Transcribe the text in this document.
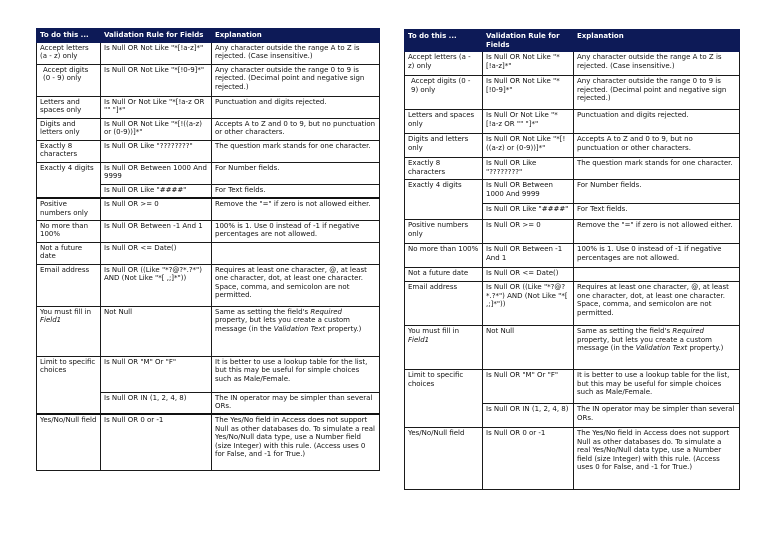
To do this ...	Validation Rule for Fields	Explanation
Accept letters (a - z) only	Is Null OR Not Like "*[!a-z]*"	Any character outside the range A to Z is rejected. (Case insensitive.)
Accept digits (0 - 9) only	Is Null OR Not Like "*[!0-9]*"	Any character outside the range 0 to 9 is rejected. (Decimal point and negative sign rejected.)
Letters and spaces only	Is Null Or Not Like "*[!a-z OR "" "]*"	Punctuation and digits rejected.
Digits and letters only	Is Null OR Not Like "*[!((a-z) or (0-9))]*"	Accepts A to Z and 0 to 9, but no punctuation or other characters.
Exactly 8 characters	Is Null OR Like "????????"	The question mark stands for one character.
Exactly 4 digits	Is Null OR Between 1000 And 9999	For Number fields.
	Is Null OR Like "####"	For Text fields.
Positive numbers only	Is Null OR >= 0	Remove the "=" if zero is not allowed either.
No more than 100%	Is Null OR Between -1 And 1	100% is 1. Use 0 instead of -1 if negative percentages are not allowed.
Not a future date	Is Null OR <= Date()	
Email address	Is Null OR ((Like "*?@?*.?*") AND (Not Like "*[ ,;]*"))	Requires at least one character, @, at least one character, dot, at least one character. Space, comma, and semicolon are not permitted.
You must fill in Field1	Not Null	Same as setting the field's Required property, but lets you create a custom message (in the Validation Text property.)
Limit to specific choices	Is Null OR "M" Or "F"	It is better to use a lookup table for the list, but this may be useful for simple choices such as Male/Female.
	Is Null OR IN (1, 2, 4, 8)	The IN operator may be simpler than several ORs.
Yes/No/Null field	Is Null OR 0 or -1	The Yes/No field in Access does not support Null as other databases do. To simulate a real Yes/No/Null data type, use a Number field (size Integer) with this rule. (Access uses 0 for False, and -1 for True.)
To do this ...	Validation Rule for Fields	Explanation
Accept letters (a - z) only	Is Null OR Not Like "*[!a-z]*"	Any character outside the range A to Z is rejected. (Case insensitive.)
Accept digits (0 - 9) only	Is Null OR Not Like "*[!0-9]*"	Any character outside the range 0 to 9 is rejected. (Decimal point and negative sign rejected.)
Letters and spaces only	Is Null Or Not Like "*[!a-z OR "" "]*"	Punctuation and digits rejected.
Digits and letters only	Is Null OR Not Like "*[!((a-z) or (0-9))]*"	Accepts A to Z and 0 to 9, but no punctuation or other characters.
Exactly 8 characters	Is Null OR Like "????????"	The question mark stands for one character.
Exactly 4 digits	Is Null OR Between 1000 And 9999	For Number fields.
	Is Null OR Like "####"	For Text fields.
Positive numbers only	Is Null OR >= 0	Remove the "=" if zero is not allowed either.
No more than 100%	Is Null OR Between -1 And 1	100% is 1. Use 0 instead of -1 if negative percentages are not allowed.
Not a future date	Is Null OR <= Date()	
Email address	Is Null OR ((Like "*?@?*.?*") AND (Not Like "*[ ,;]*"))	Requires at least one character, @, at least one character, dot, at least one character. Space, comma, and semicolon are not permitted.
You must fill in Field1	Not Null	Same as setting the field's Required property, but lets you create a custom message (in the Validation Text property.)
Limit to specific choices	Is Null OR "M" Or "F"	It is better to use a lookup table for the list, but this may be useful for simple choices such as Male/Female.
	Is Null OR IN (1, 2, 4, 8)	The IN operator may be simpler than several ORs.
Yes/No/Null field	Is Null OR 0 or -1	The Yes/No field in Access does not support Null as other databases do. To simulate a real Yes/No/Null data type, use a Number field (size Integer) with this rule. (Access uses 0 for False, and -1 for True.)
